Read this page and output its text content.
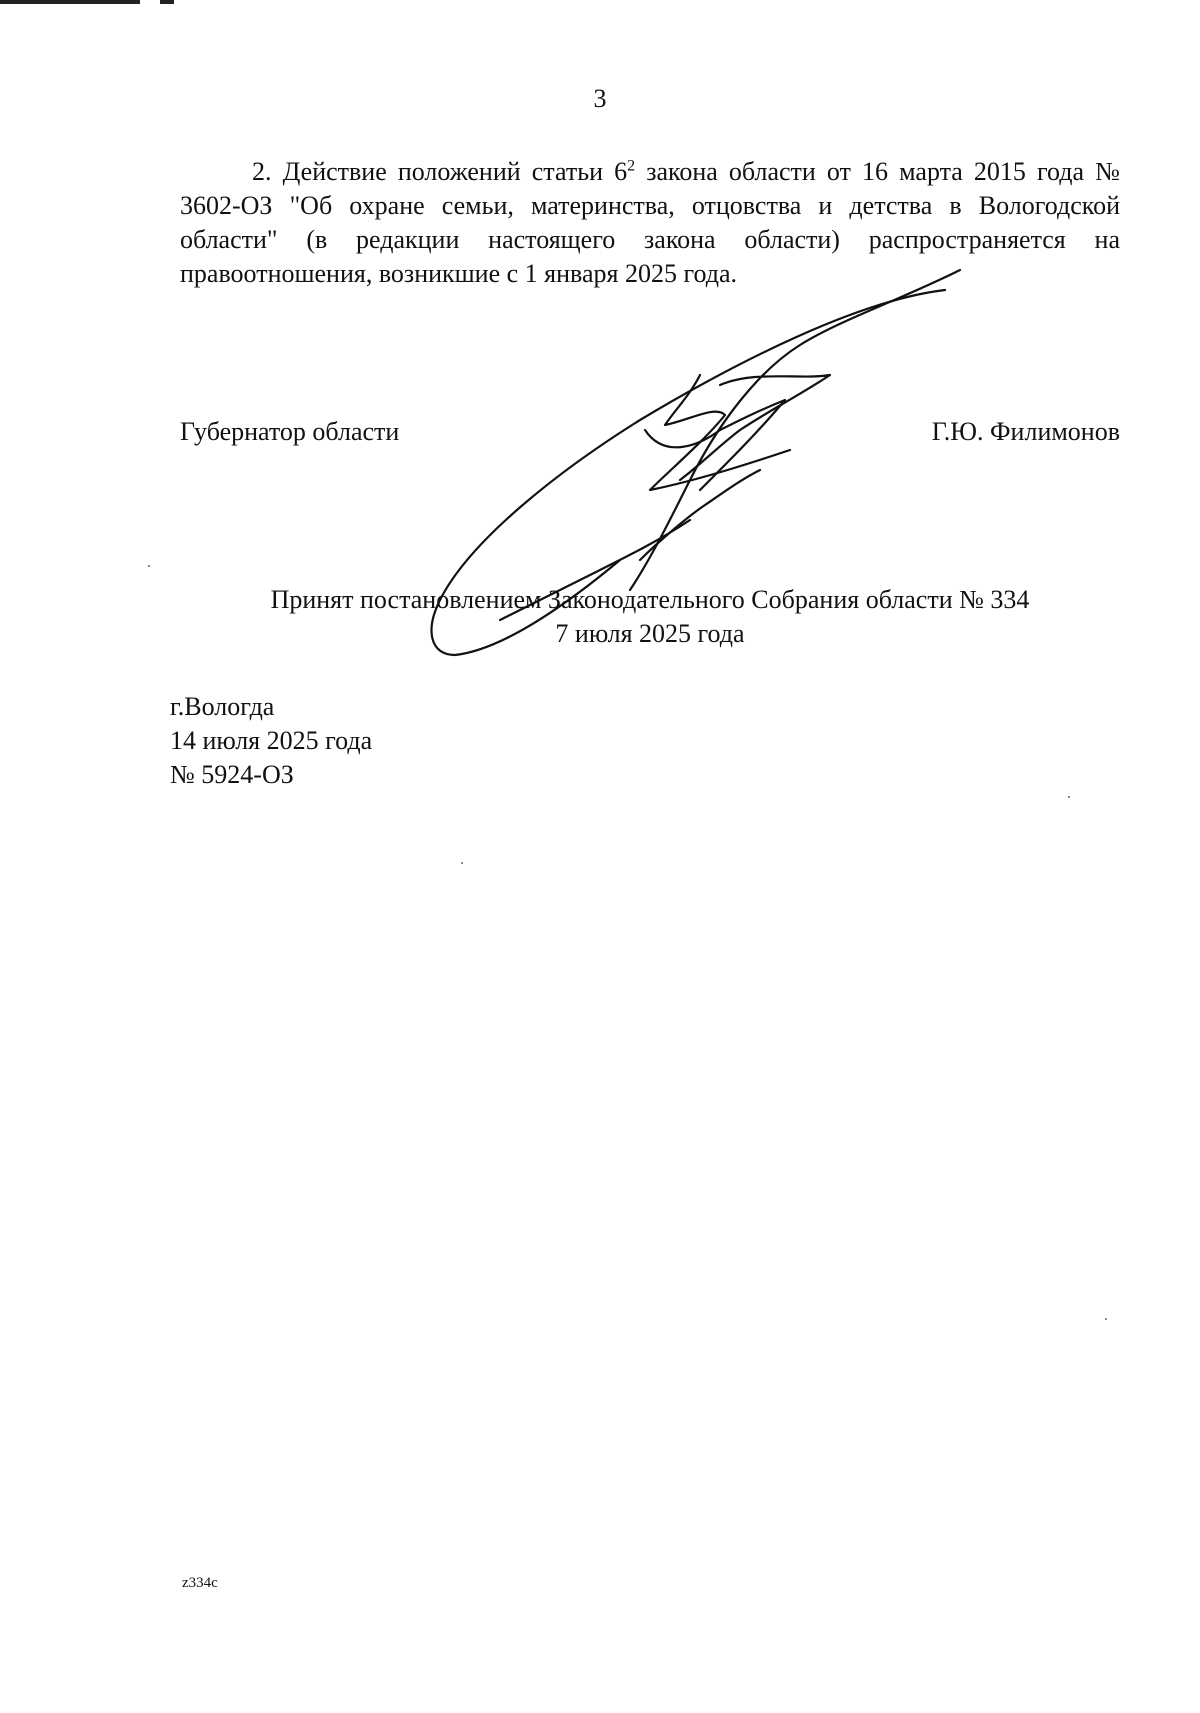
3
2. Действие положений статьи $6^2$ закона области от 16 марта 2015 года № 3602-ОЗ "Об охране семьи, материнства, отцовства и детства в Вологодской области" (в редакции настоящего закона области) распространяется на правоотношения, возникшие с 1 января 2025 года.
Губернатор области	Г.Ю. Филимонов
Принят постановлением Законодательного Собрания области № 334
7 июля 2025 года
г.Вологда
14 июля 2025 года
№ 5924-ОЗ
z334c
